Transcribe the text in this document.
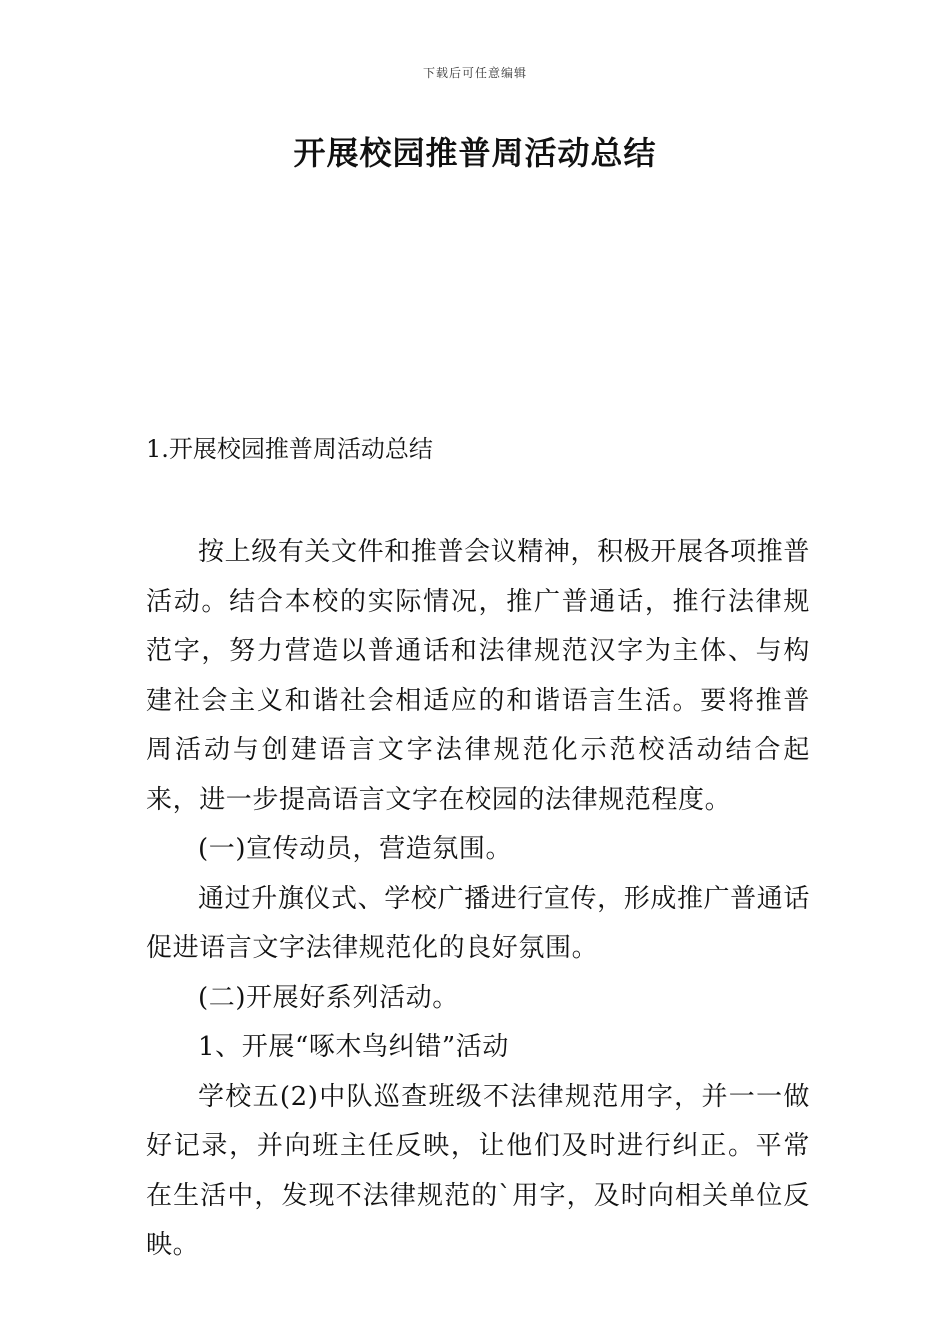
下载后可任意编辑
开展校园推普周活动总结
1.开展校园推普周活动总结

按上级有关文件和推普会议精神，积极开展各项推普活动。结合本校的实际情况，推广普通话，推行法律规范字，努力营造以普通话和法律规范汉字为主体、与构建社会主义和谐社会相适应的和谐语言生活。要将推普周活动与创建语言文字法律规范化示范校活动结合起来，进一步提高语言文字在校园的法律规范程度。

(一)宣传动员，营造氛围。

通过升旗仪式、学校广播进行宣传，形成推广普通话促进语言文字法律规范化的良好氛围。

(二)开展好系列活动。

1、开展“啄木鸟纠错”活动

学校五(2)中队巡查班级不法律规范用字，并一一做好记录，并向班主任反映，让他们及时进行纠正。平常在生活中，发现不法律规范的`用字，及时向相关单位反映。
